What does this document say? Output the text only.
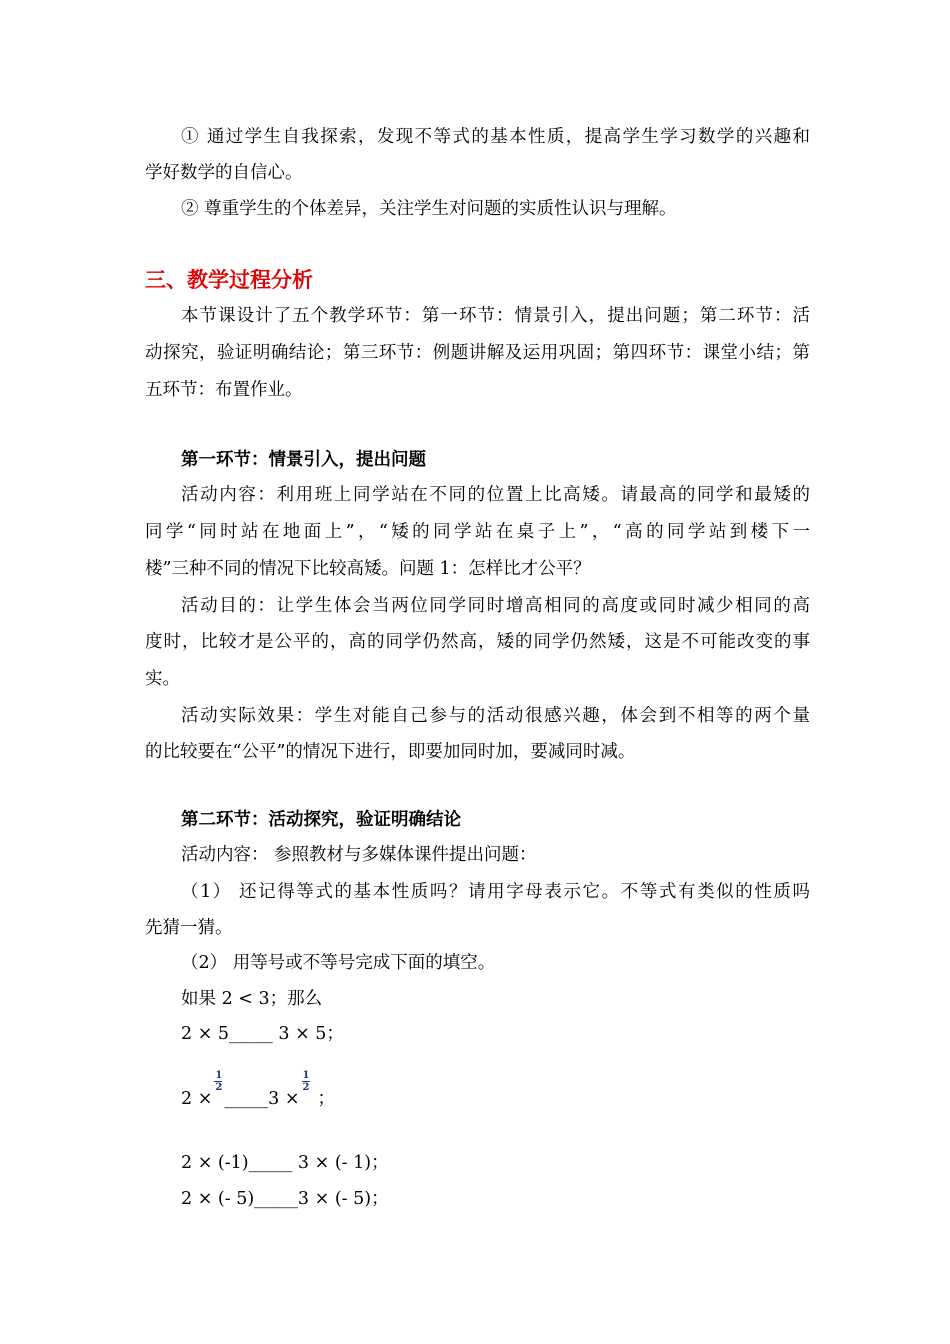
① 通过学生自我探索，发现不等式的基本性质，提高学生学习数学的兴趣和
学好数学的自信心。
② 尊重学生的个体差异，关注学生对问题的实质性认识与理解。
三、教学过程分析
本节课设计了五个教学环节：第一环节：情景引入，提出问题；第二环节：活
动探究，验证明确结论；第三环节：例题讲解及运用巩固；第四环节：课堂小结；第
五环节：布置作业。
第一环节：情景引入，提出问题
活动内容：利用班上同学站在不同的位置上比高矮。请最高的同学和最矮的
同学“同时站在地面上”，“矮的同学站在桌子上”，“高的同学站到楼下一
楼”三种不同的情况下比较高矮。问题 1：怎样比才公平？
活动目的：让学生体会当两位同学同时增高相同的高度或同时减少相同的高
度时，比较才是公平的，高的同学仍然高，矮的同学仍然矮，这是不可能改变的事
实。
活动实际效果：学生对能自己参与的活动很感兴趣，体会到不相等的两个量
的比较要在“公平”的情况下进行，即要加同时加，要减同时减。
第二环节：活动探究，验证明确结论
活动内容： 参照教材与多媒体课件提出问题：
（1） 还记得等式的基本性质吗？请用字母表示它。不等式有类似的性质吗
先猜一猜。
（2） 用等号或不等号完成下面的填空。
如果 2 < 3；那么
2 × 5_____ 3 × 5；
$2 \times \frac{1}{2}$ _____3 × $\frac{1}{2}$ ；
2 × (-1)_____ 3 × (- 1)；
2 × (- 5)_____3 × (- 5)；
